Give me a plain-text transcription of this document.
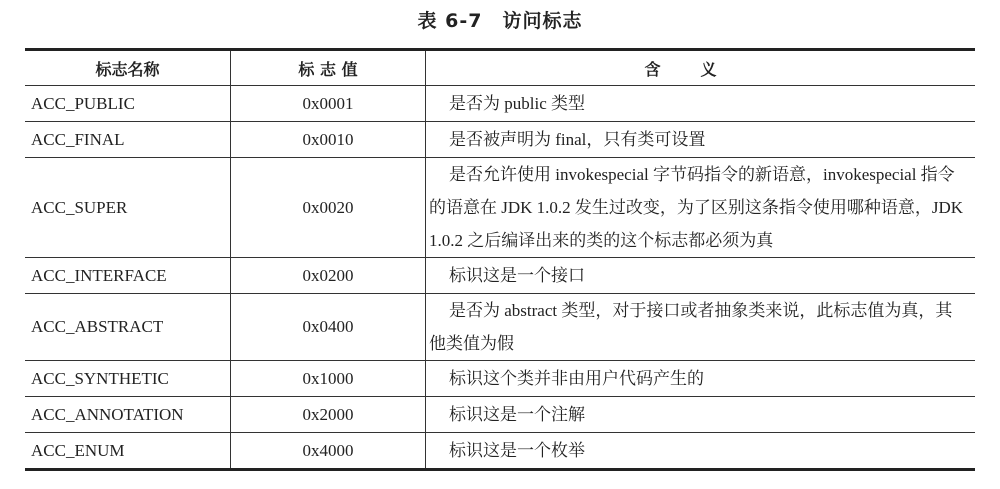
表 6-7　访问标志
标志名称	标 志 值	含义
ACC_PUBLIC	0x0001	是否为 public 类型
ACC_FINAL	0x0010	是否被声明为 final，只有类可设置
ACC_SUPER	0x0020	是否允许使用 invokespecial 字节码指令的新语意，invokespecial 指令的语意在 JDK 1.0.2 发生过改变，为了区别这条指令使用哪种语意，JDK 1.0.2 之后编译出来的类的这个标志都必须为真
ACC_INTERFACE	0x0200	标识这是一个接口
ACC_ABSTRACT	0x0400	是否为 abstract 类型，对于接口或者抽象类来说，此标志值为真，其他类值为假
ACC_SYNTHETIC	0x1000	标识这个类并非由用户代码产生的
ACC_ANNOTATION	0x2000	标识这是一个注解
ACC_ENUM	0x4000	标识这是一个枚举
